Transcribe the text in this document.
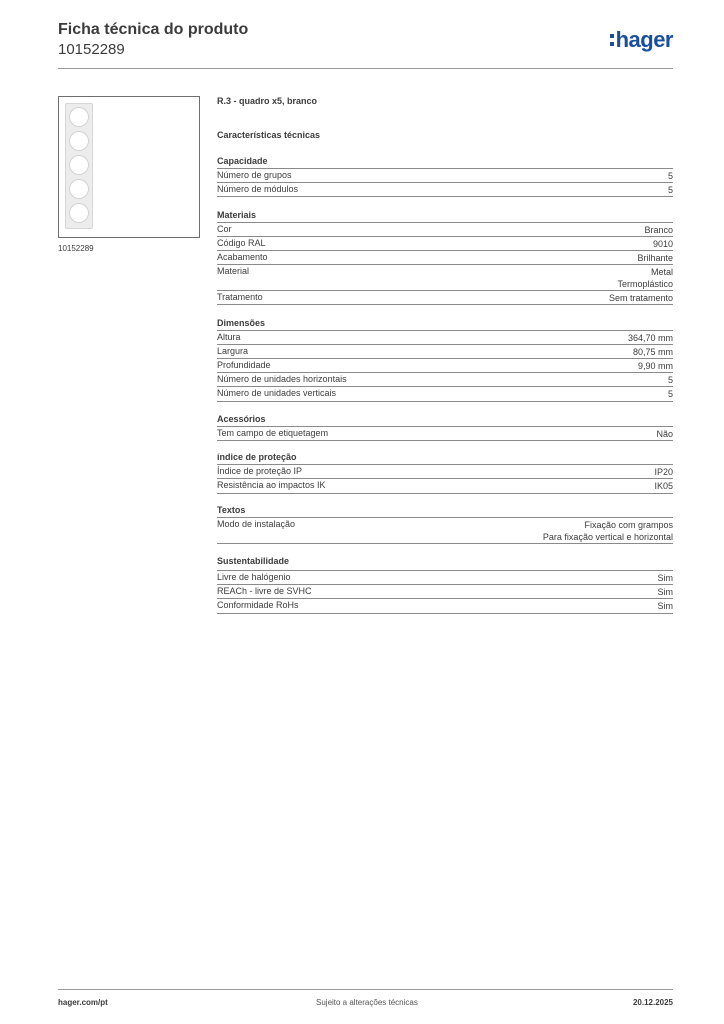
Ficha técnica do produto
10152289	hager
10152289
R.3 - quadro x5, branco
Características técnicas
Capacidade
Número de grupos	5
Número de módulos	5
Materiais
Cor	Branco
Código RAL	9010
Acabamento	Brilhante
Material	Metal
Termoplástico
Tratamento	Sem tratamento
Dimensões
Altura	364,70 mm
Largura	80,75 mm
Profundidade	9,90 mm
Número de unidades horizontais	5
Número de unidades verticais	5
Acessórios
Tem campo de etiquetagem	Não
índice de proteção
Índice de proteção IP	IP20
Resistência ao impactos IK	IK05
Textos
Modo de instalação	Fixação com grampos
Para fixação vertical e horizontal
Sustentabilidade
Livre de halógenio	Sim
REACh - livre de SVHC	Sim
Conformidade RoHs	Sim
hager.com/pt	Sujeito a alterações técnicas	20.12.2025
